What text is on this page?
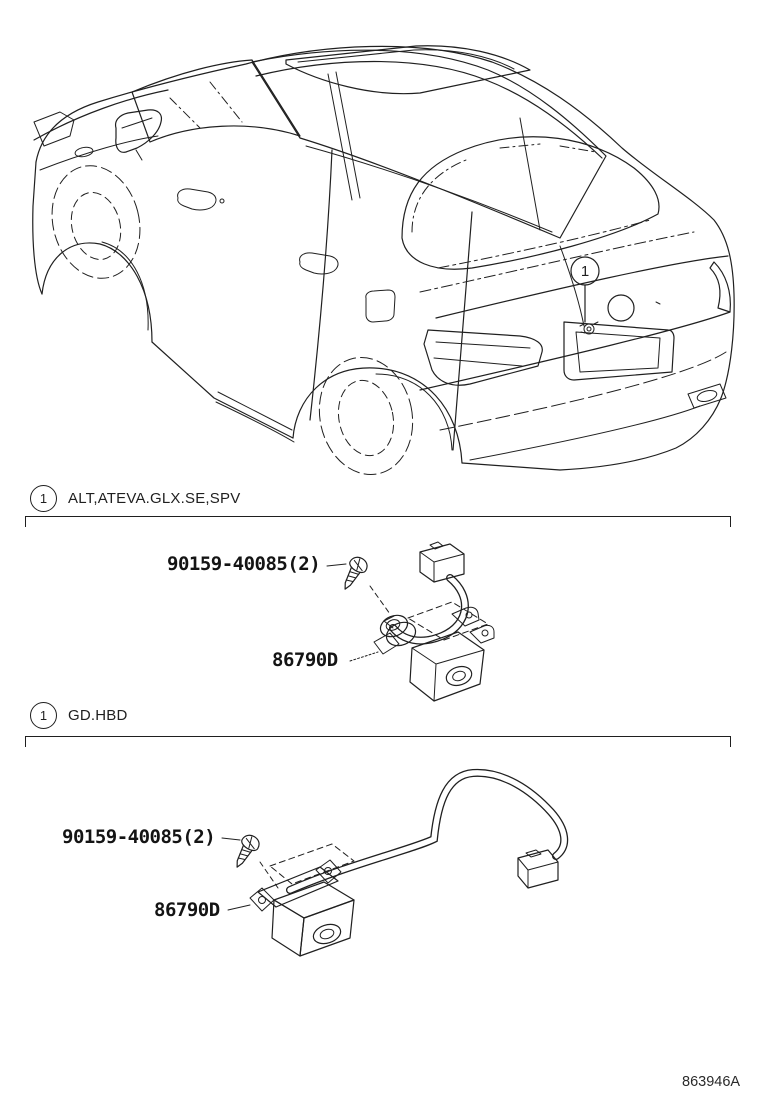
1
1 ALT,ATEVA.GLX.SE,SPV
90159-40085(2)
86790D
1 GD.HBD
90159-40085(2)
86790D
863946A
